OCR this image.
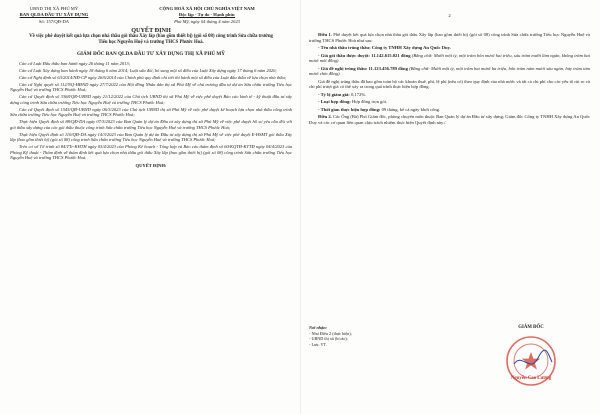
UBND THỊ XÃ PHÚ MỸ
BAN QLDA ĐẦU TƯ XÂY DỰNG
Số: 157/QĐ-DA
CỘNG HOÀ XÃ HỘI CHỦ NGHĨA VIỆT NAM
Độc lập - Tự do - Hạnh phúc
Phú Mỹ, ngày 04 tháng 4 năm 2023
QUYẾT ĐỊNH
Về việc phê duyệt kết quả lựa chọn nhà thầu gói thầu Xây lắp (bao gồm thiết bị) (gói số 08) công trình Sửa chữa trường Tiểu học Nguyễn Huệ và trường THCS Phước Hoà.
GIÁM ĐỐC BAN QLDA ĐẦU TƯ XÂY DỰNG THỊ XÃ PHÚ MỸ

Căn cứ Luật Đấu thầu ban hành ngày 26 tháng 11 năm 2013;

Căn cứ Luật Xây dựng ban hành ngày 18 tháng 6 năm 2014; Luật sửa đổi, bổ sung một số điều của Luật Xây dựng ngày 17 tháng 6 năm 2020;

Căn cứ Nghị định số 63/2014/NĐ-CP ngày 26/6/2014 của Chính phủ quy định chi tiết thi hành một số điều của Luật đấu thầu về lựa chọn nhà thầu;

Căn cứ Nghị quyết số 112/NQ-HĐND ngày 27/7/2022 của Hội đồng Nhân dân thị xã Phú Mỹ về chủ trương đầu tư dự án Sửa chữa trường Tiểu học Nguyễn Huệ và trường THCS Phước Hoà;

Căn cứ Quyết định số 3368/QĐ-UBND ngày 21/12/2022 của Chủ tịch UBND thị xã Phú Mỹ về việc phê duyệt Báo cáo kinh tế - kỹ thuật đầu tư xây dựng công trình Sửa chữa trường Tiểu học Nguyễn Huệ và trường THCS Phước Hoà;

Căn cứ Quyết định số 1545/QĐ-UBND ngày 06/3/2023 của Chủ tịch UBND thị xã Phú Mỹ về việc phê duyệt kế hoạch lựa chọn nhà thầu công trình Sửa chữa trường Tiểu học Nguyễn Huệ và trường THCS Phước Hoà;

Thực hiện Quyết định số 88/QĐ-DA ngày 07/3/2023 của Ban Quản lý dự án Đầu tư xây dựng thị xã Phú Mỹ về việc phê duyệt hồ sơ yêu cầu đối với gói thầu xây dựng của các gói thầu thuộc công trình Sửa chữa trường Tiểu học Nguyễn Huệ và trường THCS Phước Hoà;

Thực hiện Quyết định số 110/QĐ-DA ngày 14/3/2023 của Ban Quản lý dự án Đầu tư xây dựng thị xã Phú Mỹ về việc phê duyệt E-HSMT gói thầu Xây lắp (bao gồm thiết bị) (gói số 08) công trình Sửa chữa trường Tiểu học Nguyễn Huệ và trường THCS Phước Hoà;

Trên cơ sở Tờ trình số 84/TTr-KHTH ngày 03/4/2023 của Phòng Kế hoạch - Tổng hợp và Báo cáo thẩm định số 60/KQTĐ-KTTĐ ngày 04/4/2023 của Phòng Kỹ thuật - Thẩm định về thẩm định kết quả lựa chọn nhà thầu gói thầu Xây lắp (bao gồm thiết bị) (gói số 08) công trình Sửa chữa trường Tiểu học Nguyễn Huệ và trường THCS Phước Hoà.

QUYẾT ĐỊNH:
2

Điều 1. Phê duyệt kết quả lựa chọn nhà thầu gói thầu Xây lắp (bao gồm thiết bị) (gói số 08) công trình Sửa chữa trường Tiểu học Nguyễn Huệ và trường THCS Phước Hoà như sau:

- Tên nhà thầu trúng thầu: Công ty TNHH Xây dựng An Quốc Duy.

- Giá gói thầu được duyệt: 11.142.615.021 đồng (Bằng chữ: Mười một tỷ, một trăm bốn mươi hai triệu, sáu trăm mười lăm ngàn, không trăm hai mươi mốt đồng).

- Giá đề nghị trúng thầu: 11.123.456.789 đồng (Bằng chữ: Mười một tỷ, một trăm hai mươi ba triệu, bốn trăm năm mươi sáu ngàn, bảy trăm tám mươi chín đồng).

Giá đề nghị trúng thầu đã bao gồm toàn bộ các khoản thuế, phí, lệ phí (nếu có) theo quy định của nhà nước và tất cả chi phí cho các yếu tố rủi ro và chi phí trượt giá có thể xảy ra trong quá trình thực hiện hợp đồng.

- Tỷ lệ giảm giá: 0,172%.

- Loại hợp đồng: Hợp đồng trọn gói.

- Thời gian thực hiện hợp đồng: 09 tháng, kể cả ngày khởi công.

Điều 2. Các Ông (Bà) Phó Giám đốc, phòng chuyên môn thuộc Ban Quản lý dự án Đầu tư xây dựng; Giám đốc Công ty TNHH Xây dựng An Quốc Duy và các cơ quan liên quan chịu trách nhiệm thực hiện Quyết định này./.

Nơi nhận:
- Như Điều 2 (thực hiện);
- UBND thị xã (b/cáo);
- Lưu: VT.
GIÁM ĐỐC
Nguyễn Cao Lương
